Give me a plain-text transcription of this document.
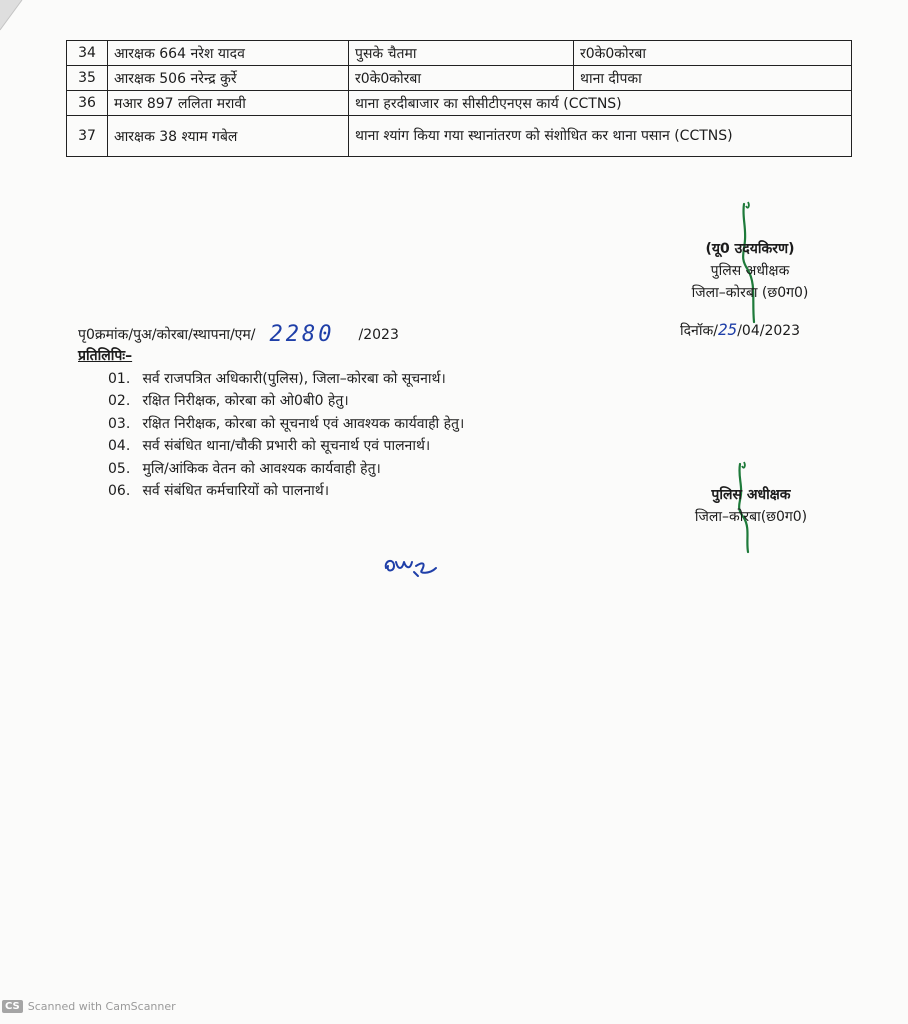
34	आरक्षक 664 नरेश यादव	पुसके चैतमा	र0के0कोरबा
35	आरक्षक 506 नरेन्द्र कुर्रे	र0के0कोरबा	थाना दीपका
36	मआर 897 ललिता मरावी	थाना हरदीबाजार का सीसीटीएनएस कार्य (CCTNS)	
37	आरक्षक 38 श्याम गबेल	थाना श्यांग किया गया स्थानांतरण को संशोधित कर थाना पसान (CCTNS)	
(यू0 उदयकिरण)
पुलिस अधीक्षक
जिला–कोरबा (छ0ग0)
पृ0क्रमांक/पुअ/कोरबा/स्थापना/एम/ 2280 /2023	दिनॉक/25/04/2023
प्रतिलिपिः–
01. सर्व राजपत्रित अधिकारी(पुलिस), जिला–कोरबा को सूचनार्थ।
02. रक्षित निरीक्षक, कोरबा को ओ0बी0 हेतु।
03. रक्षित निरीक्षक, कोरबा को सूचनार्थ एवं आवश्यक कार्यवाही हेतु।
04. सर्व संबंधित थाना/चौकी प्रभारी को सूचनार्थ एवं पालनार्थ।
05. मुलि/आंकिक वेतन को आवश्यक कार्यवाही हेतु।
06. सर्व संबंधित कर्मचारियों को पालनार्थ।	पुलिस अधीक्षक
जिला–कोरबा(छ0ग0)
CS Scanned with CamScanner
